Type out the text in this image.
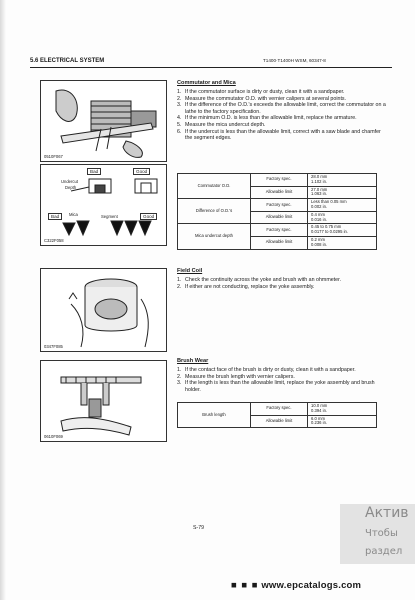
5.6 ELECTRICAL SYSTEM	T1400·T1400H WSM, 60347-8
0510F067
Bad	Good
Undercut
Depth
Bad	Mica	Segment	Good
C322F058
0347F085
0610F069
Commutator and Mica
1. If the commutator surface is dirty or dusty, clean it with a sandpaper.
2. Measure the commutator O.D. with vernier calipers at several points.
3. If the difference of the O.D.'s exceeds the allowable limit, correct the commutator on a lathe to the factory specification.
4. If the minimum O.D. is less than the allowable limit, replace the armature.
5. Measure the mica undercut depth.
6. If the undercut is less than the allowable limit, correct with a saw blade and chamfer the segment edges.
Commutator O.D.	Factory spec.	28.0 mm
1.102 in.
	Allowable limit	27.0 mm
1.063 in.
Difference of O.D.'s	Factory spec.	Less than 0.05 mm
0.002 in.
	Allowable limit	0.4 mm
0.016 in.
Mica undercut depth	Factory spec.	0.45 to 0.75 mm
0.0177 to 0.0295 in.
	Allowable limit	0.2 mm
0.008 in.
Field Coil
1. Check the continuity across the yoke and brush with an ohmmeter.
2. If either are not conducting, replace the yoke assembly.
Brush Wear
1. If the contact face of the brush is dirty or dusty, clean it with a sandpaper.
2. Measure the brush length with vernier calipers.
3. If the length is less than the allowable limit, replace the yoke assembly and brush holder.
Brush length	Factory spec.	10.0 mm
0.394 in.
	Allowable limit	6.0 mm
0.236 in.
S-79
Актив
Чтобы
раздел
■ ■ ■ www.epcatalogs.com
